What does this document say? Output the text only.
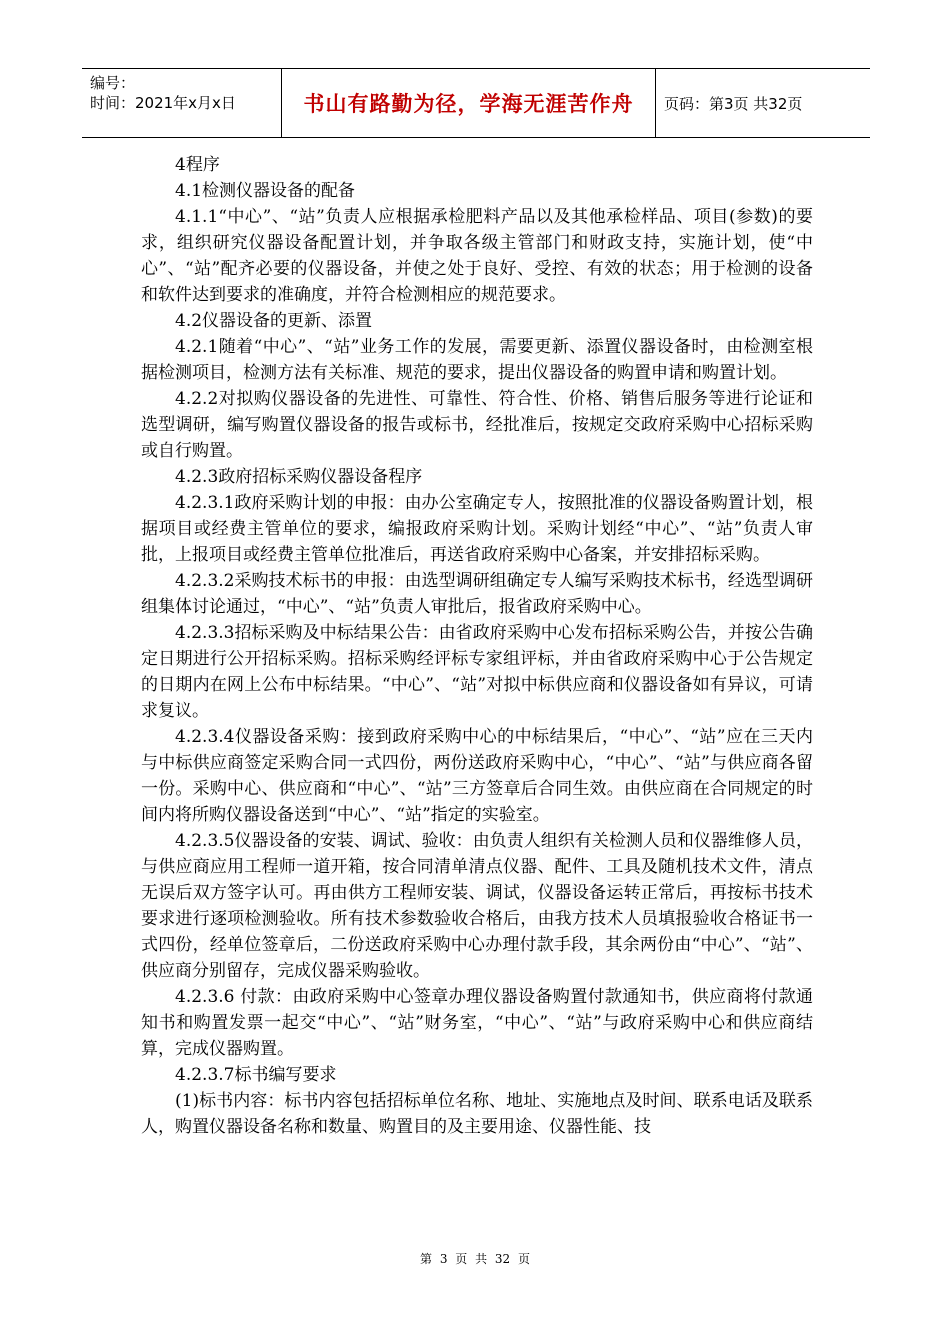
编号：
时间：2021年x月x日	书山有路勤为径，学海无涯苦作舟	页码：第3页 共32页

4程序

4.1检测仪器设备的配备

4.1.1“中心”、“站”负责人应根据承检肥料产品以及其他承检样品、项目(参数)的要求，组织研究仪器设备配置计划，并争取各级主管部门和财政支持，实施计划，使“中心”、“站”配齐必要的仪器设备，并使之处于良好、受控、有效的状态；用于检测的设备和软件达到要求的准确度，并符合检测相应的规范要求。

4.2仪器设备的更新、添置

4.2.1随着“中心”、“站”业务工作的发展，需要更新、添置仪器设备时，由检测室根据检测项目，检测方法有关标准、规范的要求，提出仪器设备的购置申请和购置计划。

4.2.2对拟购仪器设备的先进性、可靠性、符合性、价格、销售后服务等进行论证和选型调研，编写购置仪器设备的报告或标书，经批准后，按规定交政府采购中心招标采购或自行购置。

4.2.3政府招标采购仪器设备程序

4.2.3.1政府采购计划的申报：由办公室确定专人，按照批准的仪器设备购置计划，根据项目或经费主管单位的要求，编报政府采购计划。采购计划经“中心”、“站”负责人审批，上报项目或经费主管单位批准后，再送省政府采购中心备案，并安排招标采购。

4.2.3.2采购技术标书的申报：由选型调研组确定专人编写采购技术标书，经选型调研组集体讨论通过，“中心”、“站”负责人审批后，报省政府采购中心。

4.2.3.3招标采购及中标结果公告：由省政府采购中心发布招标采购公告，并按公告确定日期进行公开招标采购。招标采购经评标专家组评标，并由省政府采购中心于公告规定的日期内在网上公布中标结果。“中心”、“站”对拟中标供应商和仪器设备如有异议，可请求复议。

4.2.3.4仪器设备采购：接到政府采购中心的中标结果后，“中心”、“站”应在三天内与中标供应商签定采购合同一式四份，两份送政府采购中心，“中心”、“站”与供应商各留一份。采购中心、供应商和“中心”、“站”三方签章后合同生效。由供应商在合同规定的时间内将所购仪器设备送到“中心”、“站”指定的实验室。

4.2.3.5仪器设备的安装、调试、验收：由负责人组织有关检测人员和仪器维修人员，与供应商应用工程师一道开箱，按合同清单清点仪器、配件、工具及随机技术文件，清点无误后双方签字认可。再由供方工程师安装、调试，仪器设备运转正常后，再按标书技术要求进行逐项检测验收。所有技术参数验收合格后，由我方技术人员填报验收合格证书一式四份，经单位签章后，二份送政府采购中心办理付款手段，其余两份由“中心”、“站”、供应商分别留存，完成仪器采购验收。

4.2.3.6 付款：由政府采购中心签章办理仪器设备购置付款通知书，供应商将付款通知书和购置发票一起交“中心”、“站”财务室，“中心”、“站”与政府采购中心和供应商结算，完成仪器购置。

4.2.3.7标书编写要求

(1)标书内容：标书内容包括招标单位名称、地址、实施地点及时间、联系电话及联系人，购置仪器设备名称和数量、购置目的及主要用途、仪器性能、技

第 3 页 共 32 页
